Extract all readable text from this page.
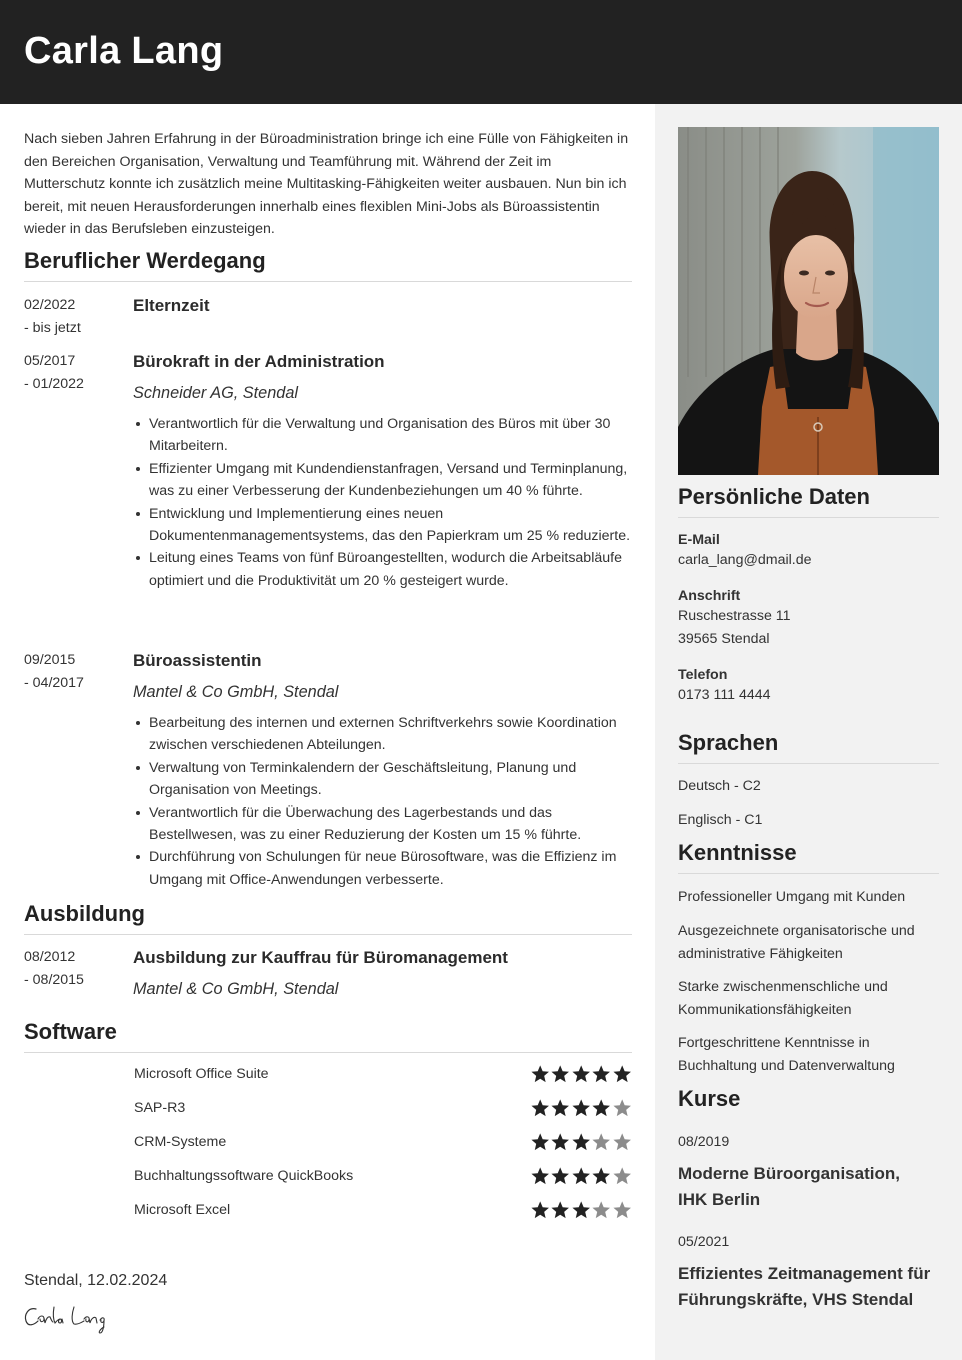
Carla Lang

Nach sieben Jahren Erfahrung in der Büroadministration bringe ich eine Fülle von Fähigkeiten in den Bereichen Organisation, Verwaltung und Teamführung mit. Während der Zeit im Mutterschutz konnte ich zusätzlich meine Multitasking-Fähigkeiten weiter ausbauen. Nun bin ich bereit, mit neuen Herausforderungen innerhalb eines flexiblen Mini-Jobs als Büroassistentin wieder in das Berufsleben einzusteigen.

Beruflicher Werdegang
02/2022
- bis jetzt
Elternzeit
05/2017
- 01/2022
Bürokraft in der Administration
Schneider AG, Stendal
Verantwortlich für die Verwaltung und Organisation des Büros mit über 30 Mitarbeitern.
Effizienter Umgang mit Kundendienstanfragen, Versand und Terminplanung, was zu einer Verbesserung der Kundenbeziehungen um 40 % führte.
Entwicklung und Implementierung eines neuen Dokumentenmanagementsystems, das den Papierkram um 25 % reduzierte.
Leitung eines Teams von fünf Büroangestellten, wodurch die Arbeitsabläufe optimiert und die Produktivität um 20 % gesteigert wurde.
09/2015
- 04/2017
Büroassistentin
Mantel & Co GmbH, Stendal
Bearbeitung des internen und externen Schriftverkehrs sowie Koordination zwischen verschiedenen Abteilungen.
Verwaltung von Terminkalendern der Geschäftsleitung, Planung und Organisation von Meetings.
Verantwortlich für die Überwachung des Lagerbestands und das Bestellwesen, was zu einer Reduzierung der Kosten um 15 % führte.
Durchführung von Schulungen für neue Bürosoftware, was die Effizienz im Umgang mit Office-Anwendungen verbesserte.
Ausbildung
08/2012
- 08/2015
Ausbildung zur Kauffrau für Büromanagement
Mantel & Co GmbH, Stendal
Software
Microsoft Office Suite
SAP-R3
CRM-Systeme
Buchhaltungssoftware QuickBooks
Microsoft Excel
Stendal, 12.02.2024
Persönliche Daten
E-Mail
carla_lang@dmail.de
Anschrift
Ruschestrasse 11
39565 Stendal
Telefon
0173 111 4444
Sprachen
Deutsch - C2
Englisch - C1
Kenntnisse
Professioneller Umgang mit Kunden
Ausgezeichnete organisatorische und administrative Fähigkeiten
Starke zwischenmenschliche und Kommunikationsfähigkeiten
Fortgeschrittene Kenntnisse in Buchhaltung und Datenverwaltung
Kurse
08/2019
Moderne Büroorganisation, IHK Berlin
05/2021
Effizientes Zeitmanagement für Führungskräfte, VHS Stendal
